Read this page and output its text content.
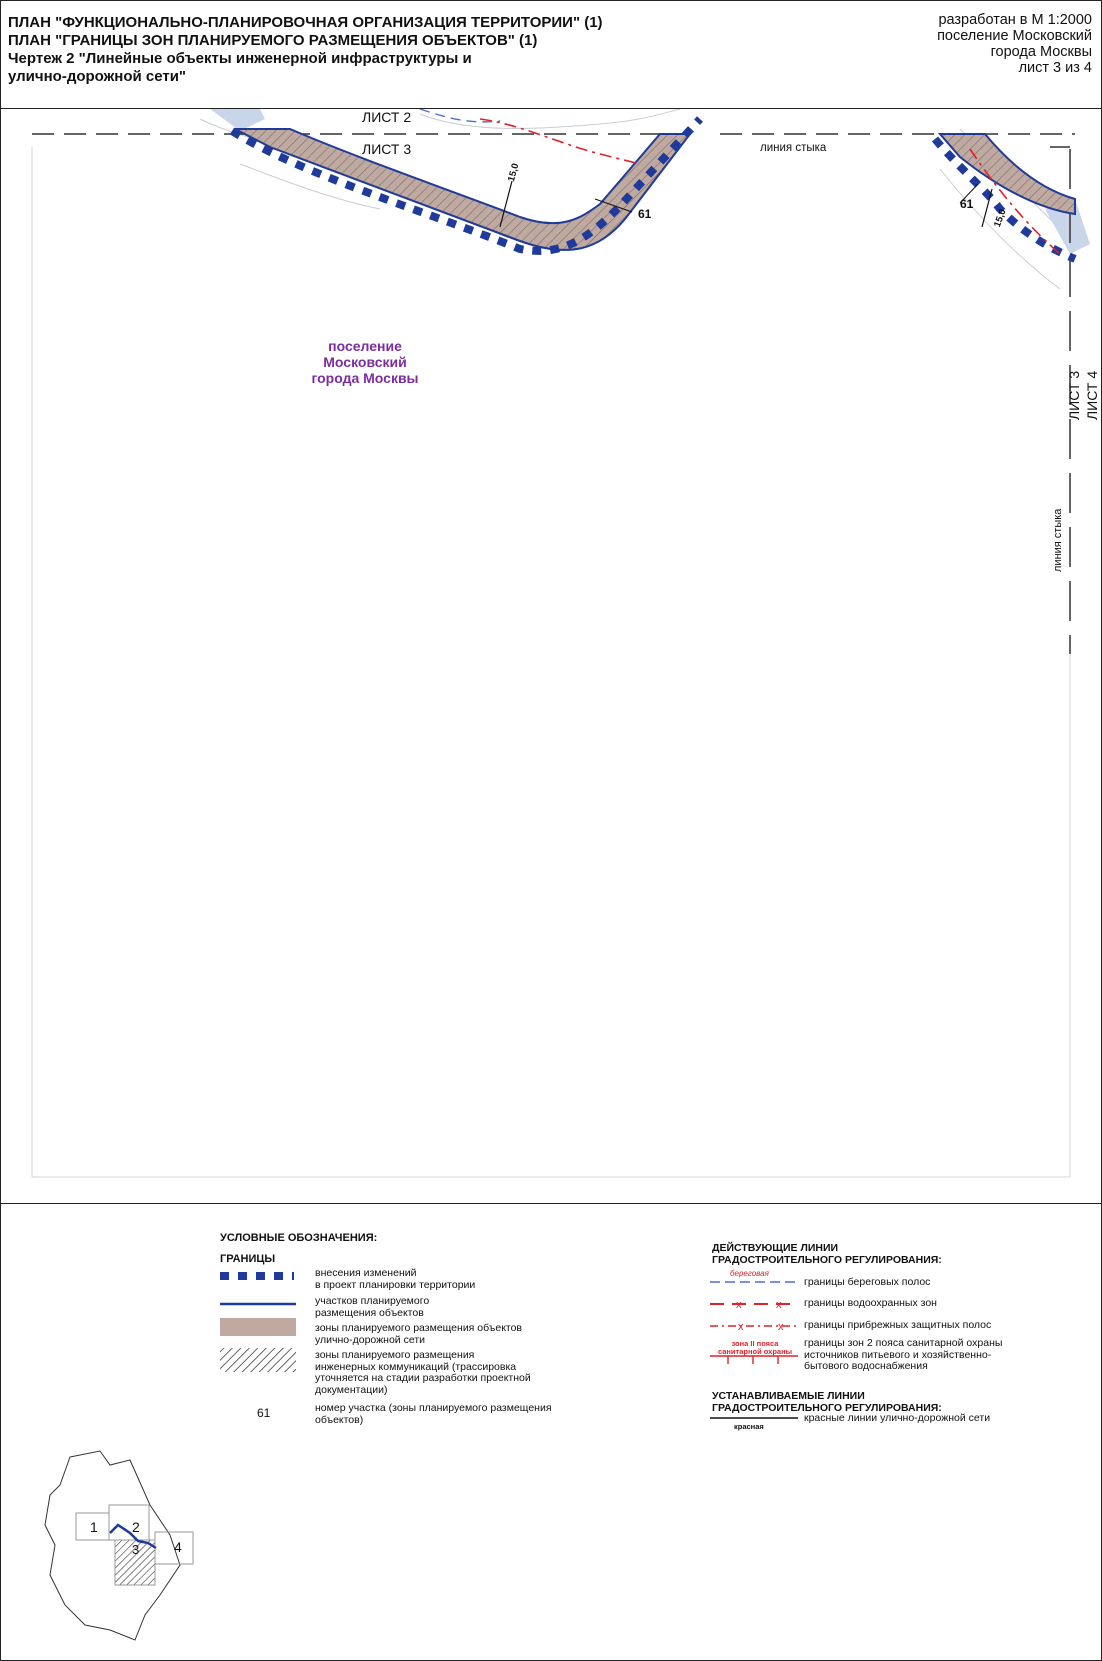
ПЛАН "ФУНКЦИОНАЛЬНО-ПЛАНИРОВОЧНАЯ ОРГАНИЗАЦИЯ ТЕРРИТОРИИ" (1)
ПЛАН "ГРАНИЦЫ ЗОН ПЛАНИРУЕМОГО РАЗМЕЩЕНИЯ ОБЪЕКТОВ" (1)
Чертеж 2 "Линейные объекты инженерной инфраструктуры и
улично-дорожной сети"
разработан в М 1:2000
поселение Московский
города Москвы
лист 3 из 4
ЛИСТ 2
ЛИСТ 3	линия стыка
15,0
15,0
61
61
поселение
Московский
города Москвы	ЛИСТ 3 ЛИСТ 4
линия стыка
УСЛОВНЫЕ ОБОЗНАЧЕНИЯ:
ГРАНИЦЫ
внесения изменений
в проект планировки территории
участков планируемого
размещения объектов
зоны планируемого размещения объектов
улично-дорожной сети
зоны планируемого размещения
инженерных коммуникаций (трассировка
уточняется на стадии разработки проектной
документации)
61	номер участка (зоны планируемого размещения
объектов)
ДЕЙСТВУЮЩИЕ ЛИНИИ
ГРАДОСТРОИТЕЛЬНОГО РЕГУЛИРОВАНИЯ:
x	x
x	x
береговая
границы береговых полос
границы водоохранных зон
границы прибрежных защитных полос
зона II пояса санитарной охраны
границы зон 2 пояса санитарной охраны
источников питьевого и хозяйственно-
бытового водоснабжения
УСТАНАВЛИВАЕМЫЕ ЛИНИИ
ГРАДОСТРОИТЕЛЬНОГО РЕГУЛИРОВАНИЯ:
красная
красные линии улично-дорожной сети
1 2
3 4
